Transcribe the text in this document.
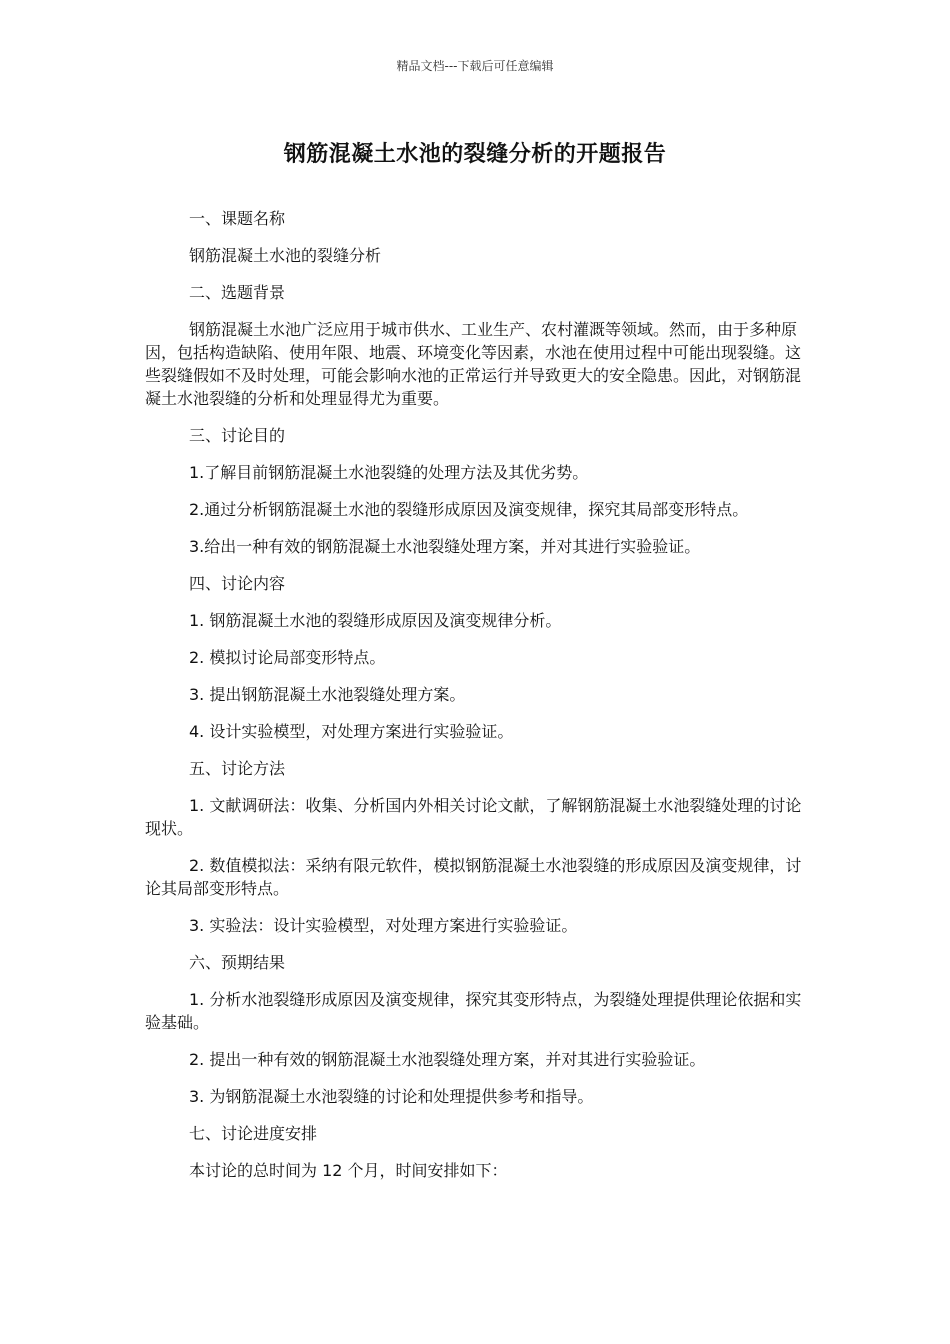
精品文档---下载后可任意编辑
钢筋混凝土水池的裂缝分析的开题报告

一、课题名称

钢筋混凝土水池的裂缝分析

二、选题背景

钢筋混凝土水池广泛应用于城市供水、工业生产、农村灌溉等领域。然而，由于多种原因，包括构造缺陷、使用年限、地震、环境变化等因素，水池在使用过程中可能出现裂缝。这些裂缝假如不及时处理，可能会影响水池的正常运行并导致更大的安全隐患。因此，对钢筋混凝土水池裂缝的分析和处理显得尤为重要。

三、讨论目的

1.了解目前钢筋混凝土水池裂缝的处理方法及其优劣势。

2.通过分析钢筋混凝土水池的裂缝形成原因及演变规律，探究其局部变形特点。

3.给出一种有效的钢筋混凝土水池裂缝处理方案，并对其进行实验验证。

四、讨论内容

1. 钢筋混凝土水池的裂缝形成原因及演变规律分析。

2. 模拟讨论局部变形特点。

3. 提出钢筋混凝土水池裂缝处理方案。

4. 设计实验模型，对处理方案进行实验验证。

五、讨论方法

1. 文献调研法：收集、分析国内外相关讨论文献，了解钢筋混凝土水池裂缝处理的讨论现状。

2. 数值模拟法：采纳有限元软件，模拟钢筋混凝土水池裂缝的形成原因及演变规律，讨论其局部变形特点。

3. 实验法：设计实验模型，对处理方案进行实验验证。

六、预期结果

1. 分析水池裂缝形成原因及演变规律，探究其变形特点，为裂缝处理提供理论依据和实验基础。

2. 提出一种有效的钢筋混凝土水池裂缝处理方案，并对其进行实验验证。

3. 为钢筋混凝土水池裂缝的讨论和处理提供参考和指导。

七、讨论进度安排

本讨论的总时间为 12 个月，时间安排如下：
